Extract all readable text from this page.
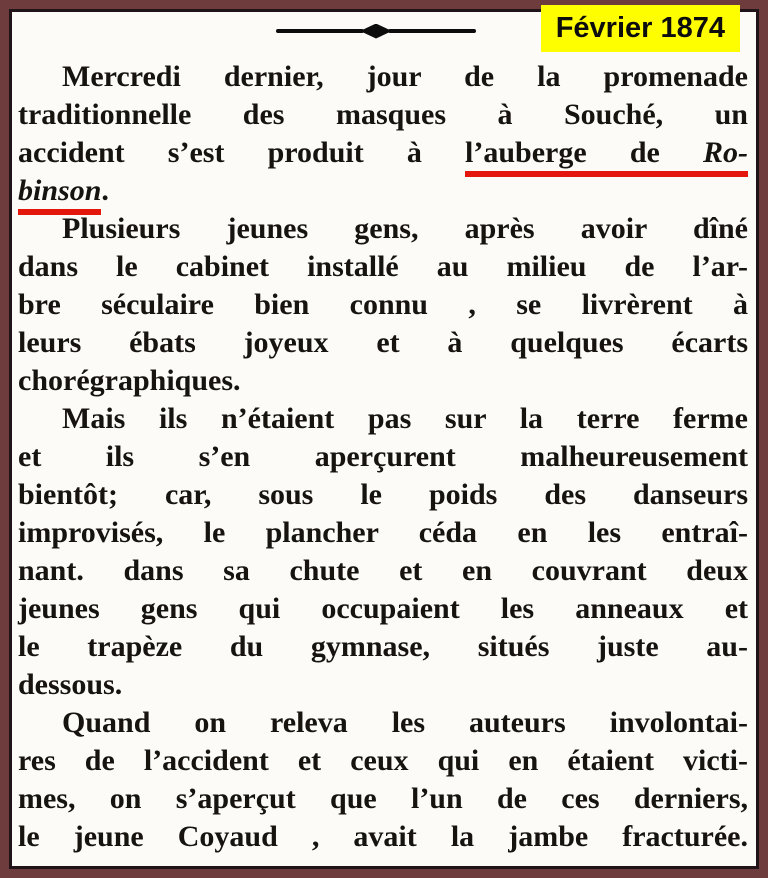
Février 1874
Mercredi dernier, jour de la promenade
traditionnelle des masques à Souché, un
accident s’est produit à l’auberge de Ro-
binson.
Plusieurs jeunes gens, après avoir dîné
dans le cabinet installé au milieu de l’ar-
bre séculaire bien connu , se livrèrent à
leurs ébats joyeux et à quelques écarts
chorégraphiques.
Mais ils n’étaient pas sur la terre ferme
et ils s’en aperçurent malheureusement
bientôt; car, sous le poids des danseurs
improvisés, le plancher céda en les entraî-
nant. dans sa chute et en couvrant deux
jeunes gens qui occupaient les anneaux et
le trapèze du gymnase, situés juste au-
dessous.
Quand on releva les auteurs involontai-
res de l’accident et ceux qui en étaient victi-
mes, on s’aperçut que l’un de ces derniers,
le jeune Coyaud , avait la jambe fracturée.
